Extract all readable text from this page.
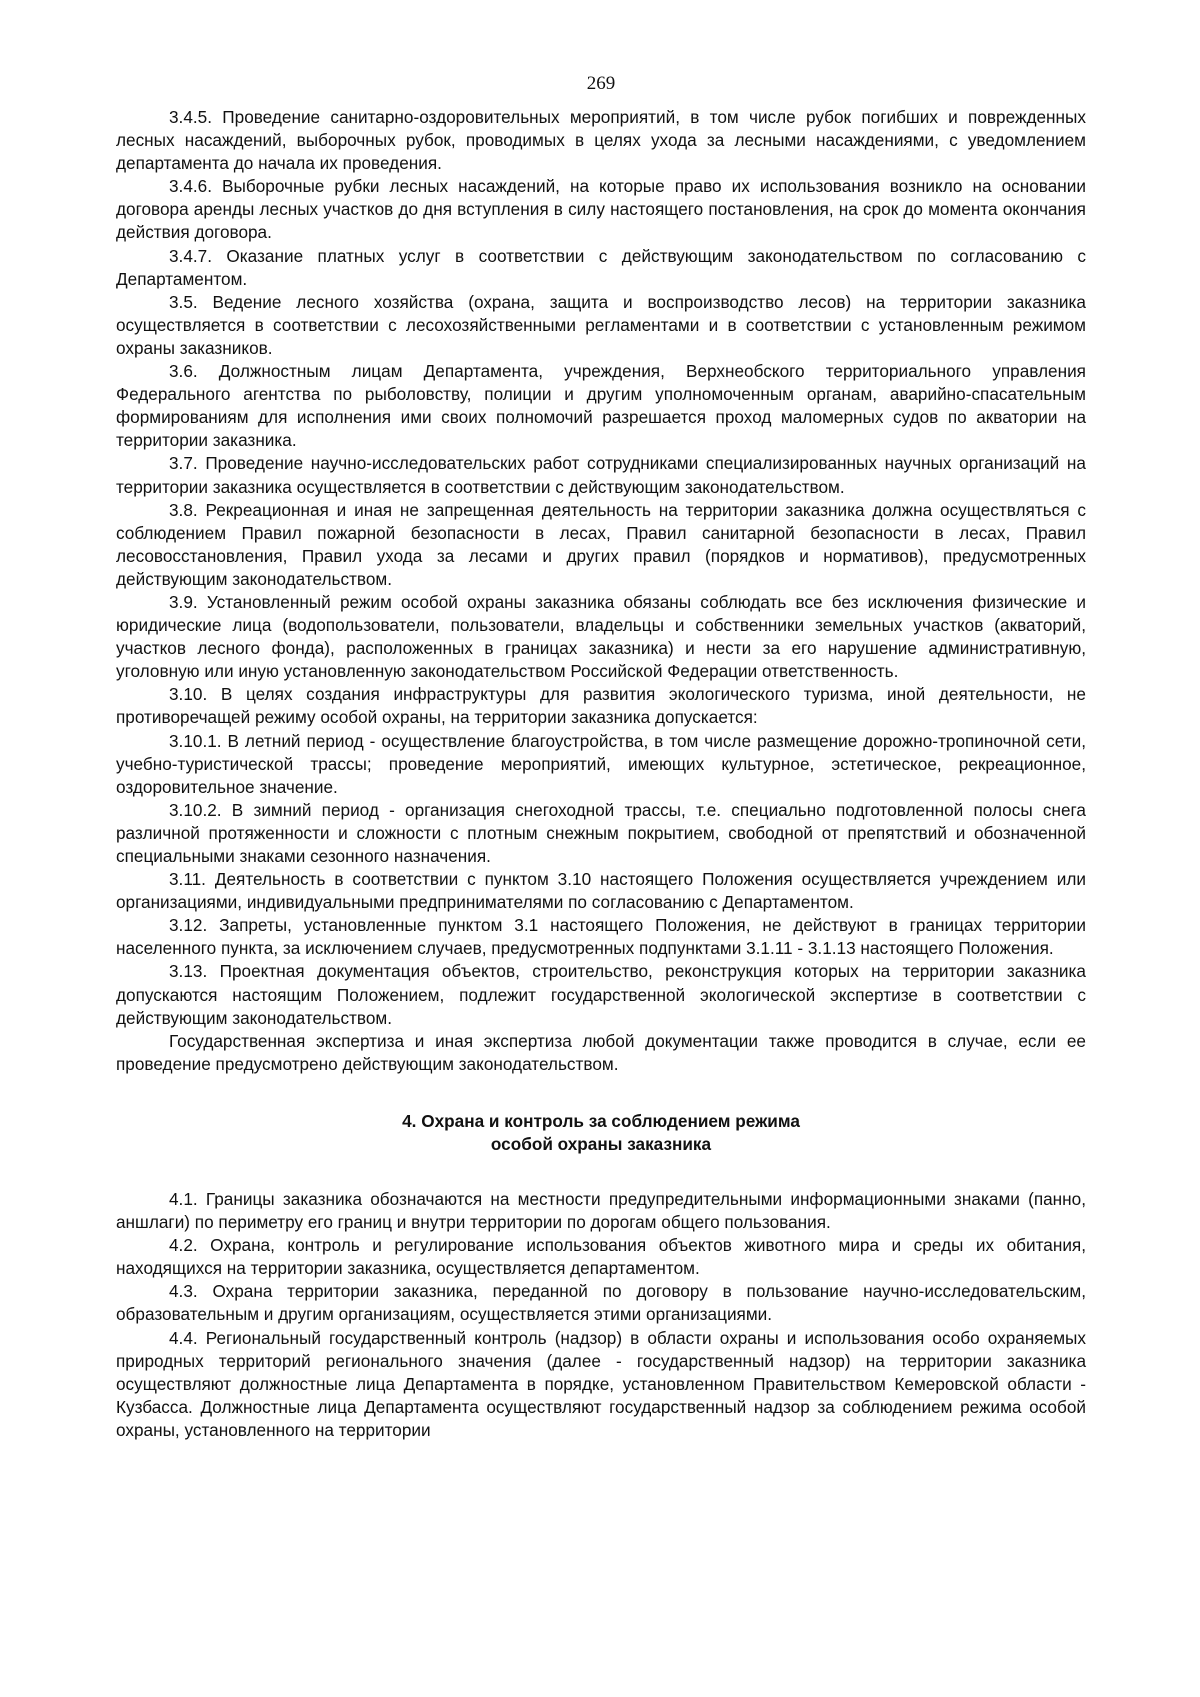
269

3.4.5. Проведение санитарно-оздоровительных мероприятий, в том числе рубок погибших и поврежденных лесных насаждений, выборочных рубок, проводимых в целях ухода за лесными насаждениями, с уведомлением департамента до начала их проведения.

3.4.6. Выборочные рубки лесных насаждений, на которые право их использования возникло на основании договора аренды лесных участков до дня вступления в силу настоящего постановления, на срок до момента окончания действия договора.

3.4.7. Оказание платных услуг в соответствии с действующим законодательством по согласованию с Департаментом.

3.5. Ведение лесного хозяйства (охрана, защита и воспроизводство лесов) на территории заказника осуществляется в соответствии с лесохозяйственными регламентами и в соответствии с установленным режимом охраны заказников.

3.6. Должностным лицам Департамента, учреждения, Верхнеобского территориального управления Федерального агентства по рыболовству, полиции и другим уполномоченным органам, аварийно-спасательным формированиям для исполнения ими своих полномочий разрешается проход маломерных судов по акватории на территории заказника.

3.7. Проведение научно-исследовательских работ сотрудниками специализированных научных организаций на территории заказника осуществляется в соответствии с действующим законодательством.

3.8. Рекреационная и иная не запрещенная деятельность на территории заказника должна осуществляться с соблюдением Правил пожарной безопасности в лесах, Правил санитарной безопасности в лесах, Правил лесовосстановления, Правил ухода за лесами и других правил (порядков и нормативов), предусмотренных действующим законодательством.

3.9. Установленный режим особой охраны заказника обязаны соблюдать все без исключения физические и юридические лица (водопользователи, пользователи, владельцы и собственники земельных участков (акваторий, участков лесного фонда), расположенных в границах заказника) и нести за его нарушение административную, уголовную или иную установленную законодательством Российской Федерации ответственность.

3.10. В целях создания инфраструктуры для развития экологического туризма, иной деятельности, не противоречащей режиму особой охраны, на территории заказника допускается:

3.10.1. В летний период - осуществление благоустройства, в том числе размещение дорожно-тропиночной сети, учебно-туристической трассы; проведение мероприятий, имеющих культурное, эстетическое, рекреационное, оздоровительное значение.

3.10.2. В зимний период - организация снегоходной трассы, т.е. специально подготовленной полосы снега различной протяженности и сложности с плотным снежным покрытием, свободной от препятствий и обозначенной специальными знаками сезонного назначения.

3.11. Деятельность в соответствии с пунктом 3.10 настоящего Положения осуществляется учреждением или организациями, индивидуальными предпринимателями по согласованию с Департаментом.

3.12. Запреты, установленные пунктом 3.1 настоящего Положения, не действуют в границах территории населенного пункта, за исключением случаев, предусмотренных подпунктами 3.1.11 - 3.1.13 настоящего Положения.

3.13. Проектная документация объектов, строительство, реконструкция которых на территории заказника допускаются настоящим Положением, подлежит государственной экологической экспертизе в соответствии с действующим законодательством.

Государственная экспертиза и иная экспертиза любой документации также проводится в случае, если ее проведение предусмотрено действующим законодательством.

4. Охрана и контроль за соблюдением режима
особой охраны заказника

4.1. Границы заказника обозначаются на местности предупредительными информационными знаками (панно, аншлаги) по периметру его границ и внутри территории по дорогам общего пользования.

4.2. Охрана, контроль и регулирование использования объектов животного мира и среды их обитания, находящихся на территории заказника, осуществляется департаментом.

4.3. Охрана территории заказника, переданной по договору в пользование научно-исследовательским, образовательным и другим организациям, осуществляется этими организациями.

4.4. Региональный государственный контроль (надзор) в области охраны и использования особо охраняемых природных территорий регионального значения (далее - государственный надзор) на территории заказника осуществляют должностные лица Департамента в порядке, установленном Правительством Кемеровской области - Кузбасса. Должностные лица Департамента осуществляют государственный надзор за соблюдением режима особой охраны, установленного на территории
